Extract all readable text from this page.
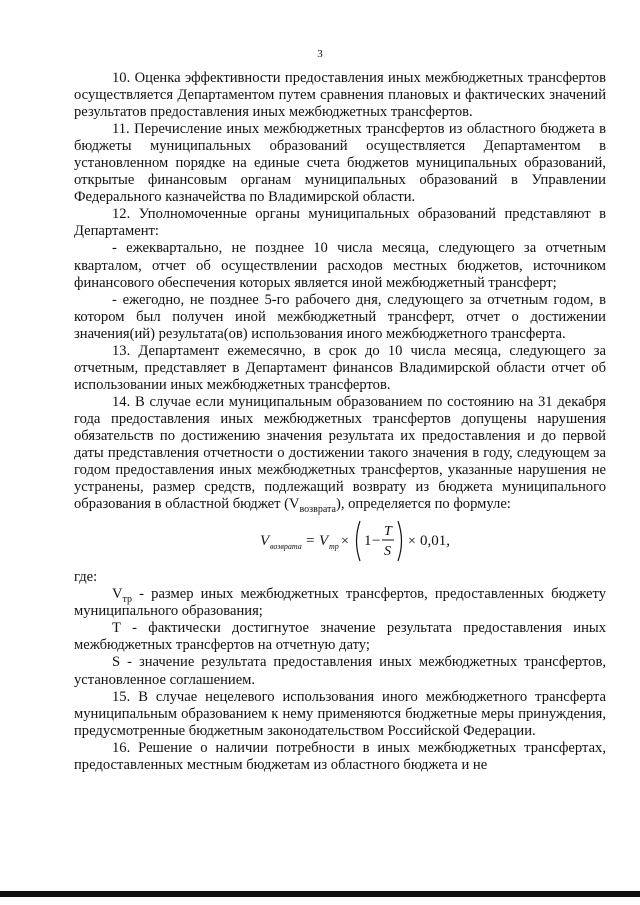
3

10. Оценка эффективности предоставления иных межбюджетных трансфертов осуществляется Департаментом путем сравнения плановых и фактических значений результатов предоставления иных межбюджетных трансфертов.

11. Перечисление иных межбюджетных трансфертов из областного бюджета в бюджеты муниципальных образований осуществляется Департаментом в установленном порядке на единые счета бюджетов муниципальных образований, открытые финансовым органам муниципальных образований в Управлении Федерального казначейства по Владимирской области.

12. Уполномоченные органы муниципальных образований представляют в Департамент:

- ежеквартально, не позднее 10 числа месяца, следующего за отчетным кварталом, отчет об осуществлении расходов местных бюджетов, источником финансового обеспечения которых является иной межбюджетный трансферт;

- ежегодно, не позднее 5-го рабочего дня, следующего за отчетным годом, в котором был получен иной межбюджетный трансферт, отчет о достижении значения(ий) результата(ов) использования иного межбюджетного трансферта.

13. Департамент ежемесячно, в срок до 10 числа месяца, следующего за отчетным, представляет в Департамент финансов Владимирской области отчет об использовании иных межбюджетных трансфертов.

14. В случае если муниципальным образованием по состоянию на 31 декабря года предоставления иных межбюджетных трансфертов допущены нарушения обязательств по достижению значения результата их предоставления и до первой даты представления отчетности о достижении такого значения в году, следующем за годом предоставления иных межбюджетных трансфертов, указанные нарушения не устранены, размер средств, подлежащий возврату из бюджета муниципального образования в областной бюджет $(V_{возврата})$, определяется по формуле:

V возврата = V тр × 1 −
T
S
× 0,01,

где:

$V_{тр}$ - размер иных межбюджетных трансфертов, предоставленных бюджету муниципального образования;

Т - фактически достигнутое значение результата предоставления иных межбюджетных трансфертов на отчетную дату;

S - значение результата предоставления иных межбюджетных трансфертов, установленное соглашением.

15. В случае нецелевого использования иного межбюджетного трансферта муниципальным образованием к нему применяются бюджетные меры принуждения, предусмотренные бюджетным законодательством Российской Федерации.

16. Решение о наличии потребности в иных межбюджетных трансфертах, предоставленных местным бюджетам из областного бюджета и не
